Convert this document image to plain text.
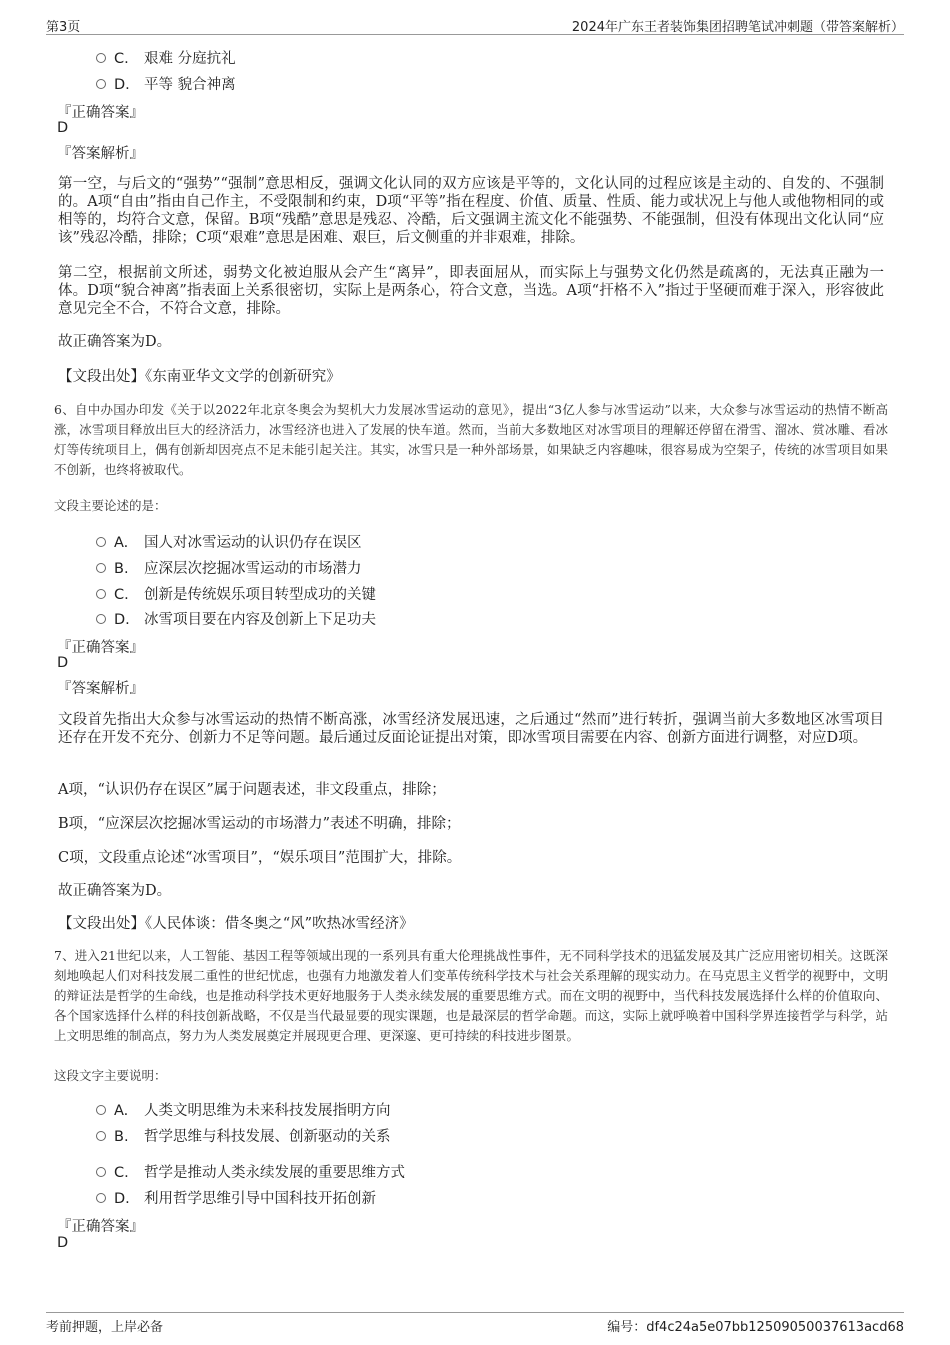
第3页	2024年广东王者装饰集团招聘笔试冲刺题（带答案解析）
C. 艰难 分庭抗礼
D. 平等 貌合神离
『正确答案』
D
『答案解析』
第一空，与后文的“强势”“强制”意思相反，强调文化认同的双方应该是平等的，文化认同的过程应该是主动的、自发的、不强制的。A项“自由”指由自己作主，不受限制和约束，D项“平等”指在程度、价值、质量、性质、能力或状况上与他人或他物相同的或相等的，均符合文意，保留。B项“残酷”意思是残忍、冷酷，后文强调主流文化不能强势、不能强制，但没有体现出文化认同“应该”残忍冷酷，排除；C项“艰难”意思是困难、艰巨，后文侧重的并非艰难，排除。
第二空，根据前文所述，弱势文化被迫服从会产生“离异”，即表面屈从，而实际上与强势文化仍然是疏离的，无法真正融为一体。D项“貌合神离”指表面上关系很密切，实际上是两条心，符合文意，当选。A项“扞格不入”指过于坚硬而难于深入，形容彼此意见完全不合，不符合文意，排除。
故正确答案为D。
【文段出处】《东南亚华文文学的创新研究》
6、自中办国办印发《关于以2022年北京冬奥会为契机大力发展冰雪运动的意见》，提出“3亿人参与冰雪运动”以来，大众参与冰雪运动的热情不断高涨，冰雪项目释放出巨大的经济活力，冰雪经济也进入了发展的快车道。然而，当前大多数地区对冰雪项目的理解还停留在滑雪、溜冰、赏冰雕、看冰灯等传统项目上，偶有创新却因亮点不足未能引起关注。其实，冰雪只是一种外部场景，如果缺乏内容趣味，很容易成为空架子，传统的冰雪项目如果不创新，也终将被取代。
文段主要论述的是：
A. 国人对冰雪运动的认识仍存在误区
B. 应深层次挖掘冰雪运动的市场潜力
C. 创新是传统娱乐项目转型成功的关键
D. 冰雪项目要在内容及创新上下足功夫
『正确答案』
D
『答案解析』
文段首先指出大众参与冰雪运动的热情不断高涨，冰雪经济发展迅速，之后通过“然而”进行转折，强调当前大多数地区冰雪项目还存在开发不充分、创新力不足等问题。最后通过反面论证提出对策，即冰雪项目需要在内容、创新方面进行调整，对应D项。
A项，“认识仍存在误区”属于问题表述，非文段重点，排除；
B项，“应深层次挖掘冰雪运动的市场潜力”表述不明确，排除；
C项，文段重点论述“冰雪项目”，“娱乐项目”范围扩大，排除。
故正确答案为D。
【文段出处】《人民体谈：借冬奥之“风”吹热冰雪经济》
7、进入21世纪以来，人工智能、基因工程等领域出现的一系列具有重大伦理挑战性事件，无不同科学技术的迅猛发展及其广泛应用密切相关。这既深刻地唤起人们对科技发展二重性的世纪忧虑，也强有力地激发着人们变革传统科学技术与社会关系理解的现实动力。在马克思主义哲学的视野中，文明的辩证法是哲学的生命线，也是推动科学技术更好地服务于人类永续发展的重要思维方式。而在文明的视野中，当代科技发展选择什么样的价值取向、各个国家选择什么样的科技创新战略，不仅是当代最显要的现实课题，也是最深层的哲学命题。而这，实际上就呼唤着中国科学界连接哲学与科学，站上文明思维的制高点，努力为人类发展奠定并展现更合理、更深邃、更可持续的科技进步图景。
这段文字主要说明：
A. 人类文明思维为未来科技发展指明方向
B. 哲学思维与科技发展、创新驱动的关系
C. 哲学是推动人类永续发展的重要思维方式
D. 利用哲学思维引导中国科技开拓创新
『正确答案』
D
考前押题，上岸必备	编号：df4c24a5e07bb12509050037613acd68
